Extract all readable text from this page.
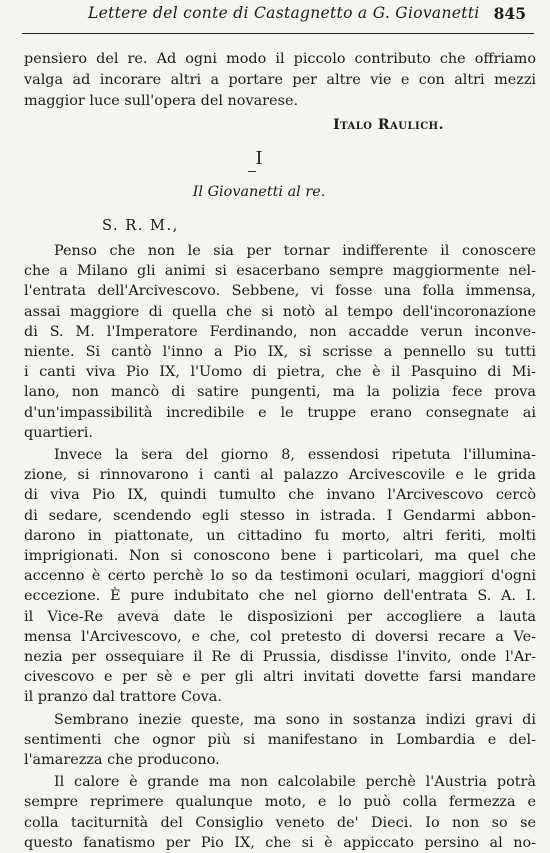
Lettere del conte di Castagnetto a G. Giovanetti 845
pensiero del re. Ad ogni modo il piccolo contributo che offriamo
valga ad incorare altri a portare per altre vie e con altri mezzi
maggior luce sull'opera del novarese.
Italo Raulich.
I
Il Giovanetti al re.
S. R. M.,
Penso che non le sia per tornar indifferente il conoscere
che a Milano gli animi si esacerbano sempre maggiormente nel-
l'entrata dell'Arcivescovo. Sebbene, vi fosse una folla immensa,
assai maggiore di quella che si notò al tempo dell'incoronazione
di S. M. l'Imperatore Ferdinando, non accadde verun inconve-
niente. Si cantò l'inno a Pio IX, si scrisse a pennello su tutti
i canti viva Pio IX, l'Uomo di pietra, che è il Pasquino di Mi-
lano, non mancò di satire pungenti, ma la polizia fece prova
d'un'impassibilità incredibile e le truppe erano consegnate ai
quartieri.
Invece la sera del giorno 8, essendosi ripetuta l'illumina-
zione, si rinnovarono i canti al palazzo Arcivescovile e le grida
di viva Pio IX, quindi tumulto che invano l'Arcivescovo cercò
di sedare, scendendo egli stesso in istrada. I Gendarmi abbon-
darono in piattonate, un cittadino fu morto, altri feriti, molti
imprigionati. Non si conoscono bene i particolari, ma quel che
accenno è certo perchè lo so da testimoni oculari, maggiori d'ogni
eccezione. È pure indubitato che nel giorno dell'entrata S. A. I.
il Vice-Re aveva date le disposizioni per accogliere a lauta
mensa l'Arcivescovo, e che, col pretesto di doversi recare a Ve-
nezia per ossequiare il Re di Prussia, disdisse l'invito, onde l'Ar-
civescovo e per sè e per gli altri invitati dovette farsi mandare
il pranzo dal trattore Cova.
Sembrano inezie queste, ma sono in sostanza indizi gravi di
sentimenti che ognor più si manifestano in Lombardia e del-
l'amarezza che producono.
Il calore è grande ma non calcolabile perchè l'Austria potrà
sempre reprimere qualunque moto, e lo può colla fermezza e
colla taciturnità del Consiglio veneto de' Dieci. Io non so se
questo fanatismo per Pio IX, che si è appiccato persino al no-
